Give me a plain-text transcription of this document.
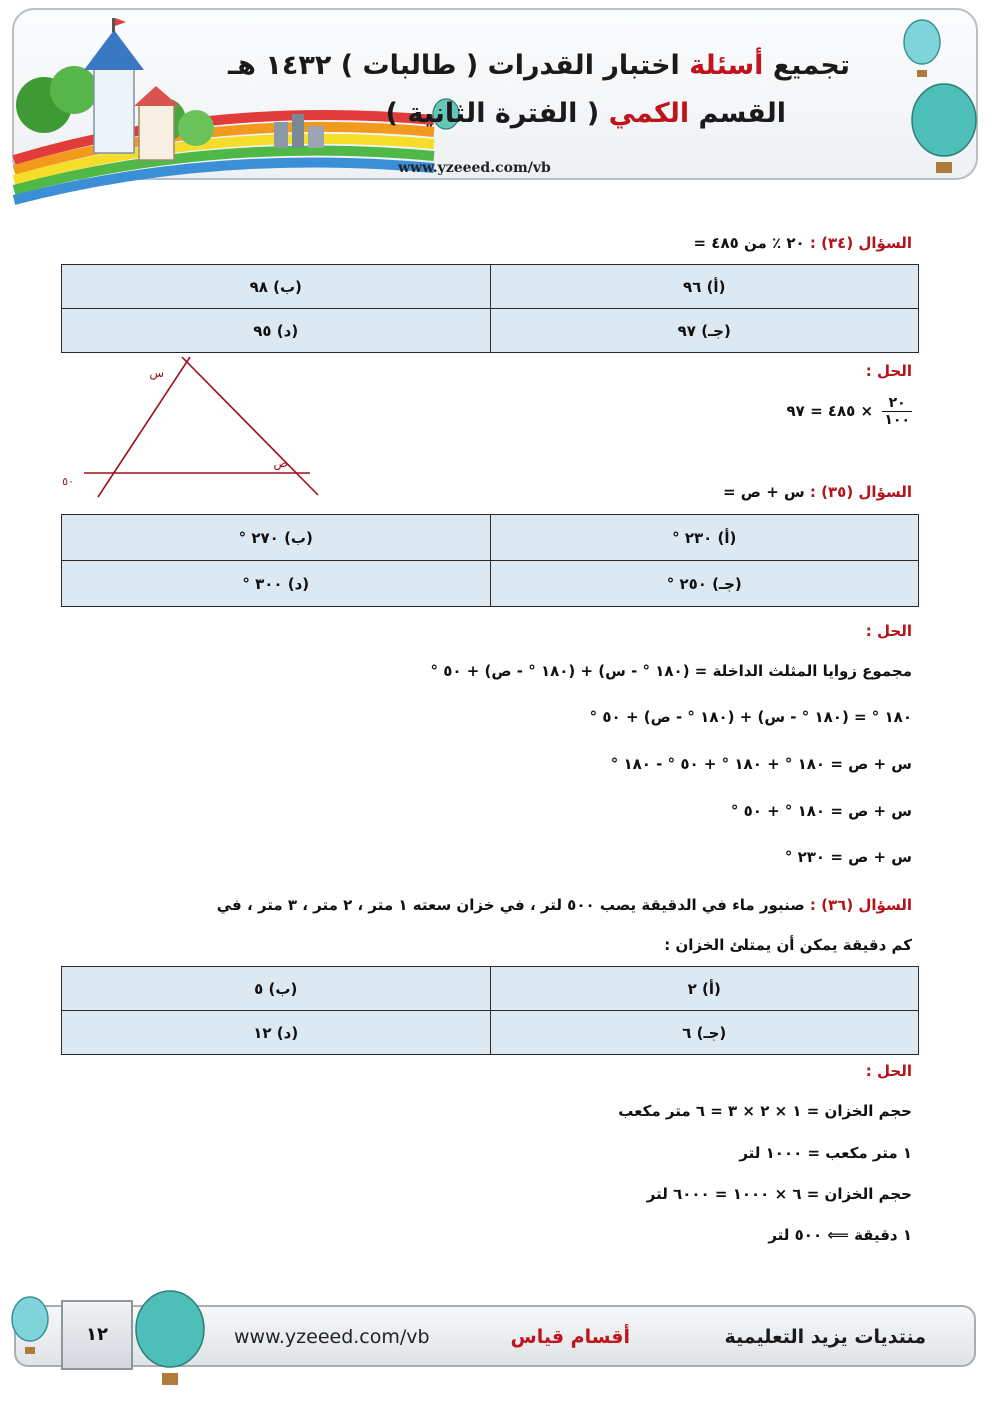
تجميع أسئلة اختبار القدرات ( طالبات ) ١٤٣٢ هـ
القسم الكمي ( الفترة الثانية )
www.yzeeed.com/vb
السؤال (٣٤) : ٢٠ ٪ من ٤٨٥ =
(أ) ٩٦	(ب) ٩٨
(جـ) ٩٧	(د) ٩٥
الحل :
$\frac{٢٠}{١٠٠}$
× ٤٨٥ = ٩٧
س
ص
٥٠
السؤال (٣٥) : س + ص =
(أ) ٢٣٠ °	(ب) ٢٧٠ °
(جـ) ٢٥٠ °	(د) ٣٠٠ °
الحل :
مجموع زوايا المثلث الداخلة = (١٨٠ ° - س) + (١٨٠ ° - ص) + ٥٠ °
١٨٠ ° = (١٨٠ ° - س) + (١٨٠ ° - ص) + ٥٠ °
س + ص = ١٨٠ ° + ١٨٠ ° + ٥٠ ° - ١٨٠ °
س + ص = ١٨٠ ° + ٥٠ °
س + ص = ٢٣٠ °
السؤال (٣٦) : صنبور ماء في الدقيقة يصب ٥٠٠ لتر ، في خزان سعته ١ متر ، ٢ متر ، ٣ متر ، في
كم دقيقة يمكن أن يمتلئ الخزان :
(أ) ٢	(ب) ٥
(جـ) ٦	(د) ١٢
الحل :
حجم الخزان = ١ × ٢ × ٣ = ٦ متر مكعب
١ متر مكعب = ١٠٠٠ لتر
حجم الخزان = ٦ × ١٠٠٠ = ٦٠٠٠ لتر
١ دقيقة ⟸ ٥٠٠ لتر
١٢	www.yzeeed.com/vb	أقسام قياس	منتديات يزيد التعليمية
